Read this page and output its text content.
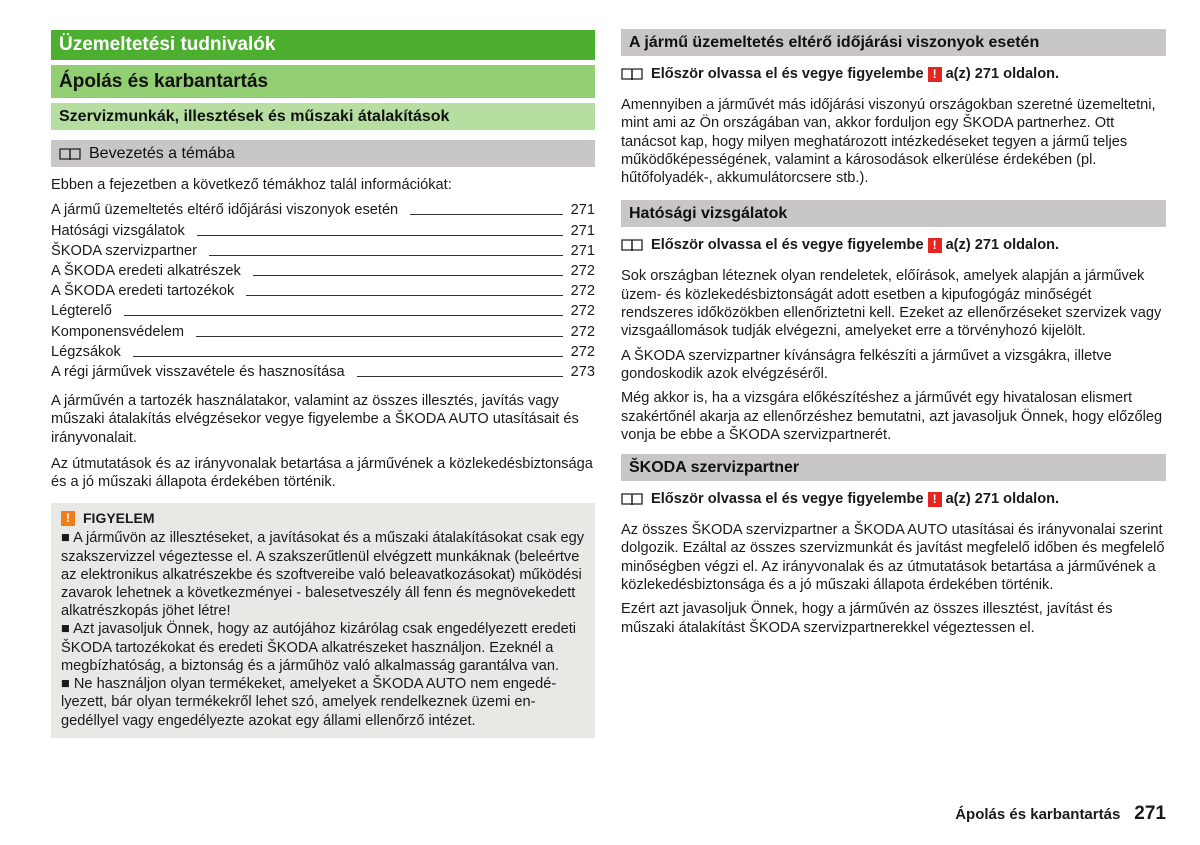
Üzemeltetési tudnivalók
Ápolás és karbantartás
Szervizmunkák, illesztések és műszaki átalakítások
Bevezetés a témába

Ebben a fejezetben a következő témákhoz talál információkat:

A jármű üzemeltetés eltérő időjárási viszonyok esetén	271
Hatósági vizsgálatok	271
ŠKODA szervizpartner	271
A ŠKODA eredeti alkatrészek	272
A ŠKODA eredeti tartozékok	272
Légterelő	272
Komponensvédelem	272
Légzsákok	272
A régi járművek visszavétele és hasznosítása	273

A járművén a tartozék használatakor, valamint az összes illesztés, javítás vagy műszaki átalakítás elvégzésekor vegye figyelembe a ŠKODA AUTO utasításait és irányvonalait.

Az útmutatások és az irányvonalak betartása a járművének a közlekedésbiztonsága és a jó műszaki állapota érdekében történik.

! FIGYELEM
■ A járművön az illesztéseket, a javításokat és a műszaki átalakításokat csak egy szakszervizzel végeztesse el. A szakszerűtlenül elvégzett munkáknak (beleértve az elektronikus alkatrészekbe és szoftvereibe való beleavatkozásokat) működési zavarok lehetnek a következményei - balesetveszély áll fenn és megnövekedett alkatrészkopás jöhet létre!
■ Azt javasoljuk Önnek, hogy az autójához kizárólag csak engedélyezett eredeti ŠKODA tartozékokat és eredeti ŠKODA alkatrészeket használjon. Ezeknél a megbízhatóság, a biztonság és a járműhöz való alkalmasság garantálva van.
■ Ne használjon olyan termékeket, amelyeket a ŠKODA AUTO nem engedélyezett, bár olyan termékekről lehet szó, amelyek rendelkeznek üzemi engedéllyel vagy engedélyezte azokat egy állami ellenőrző intézet.
A jármű üzemeltetés eltérő időjárási viszonyok esetén
Először olvassa el és vegye figyelembe ! a(z) 271 oldalon.

Amennyiben a járművét más időjárási viszonyú országokban szeretné üzemeltetni, mint ami az Ön országában van, akkor forduljon egy ŠKODA partnerhez. Ott tanácsot kap, hogy milyen meghatározott intézkedéseket tegyen a jármű teljes működőképességének, valamint a károsodások elkerülése érdekében (pl. hűtőfolyadék-, akkumulátorcsere stb.).

Hatósági vizsgálatok
Először olvassa el és vegye figyelembe ! a(z) 271 oldalon.

Sok országban léteznek olyan rendeletek, előírások, amelyek alapján a járművek üzem- és közlekedésbiztonságát adott esetben a kipufogógáz minőségét rendszeres időközökben ellenőriztetni kell. Ezeket az ellenőrzéseket szervizek vagy vizsgaállomások tudják elvégezni, amelyeket erre a törvényhozó kijelölt.

A ŠKODA szervizpartner kívánságra felkészíti a járművet a vizsgákra, illetve gondoskodik azok elvégzéséről.

Még akkor is, ha a vizsgára előkészítéshez a járművét egy hivatalosan elismert szakértőnél akarja az ellenőrzéshez bemutatni, azt javasoljuk Önnek, hogy előzőleg vonja be ebbe a ŠKODA szervizpartnerét.

ŠKODA szervizpartner
Először olvassa el és vegye figyelembe ! a(z) 271 oldalon.

Az összes ŠKODA szervizpartner a ŠKODA AUTO utasításai és irányvonalai szerint dolgozik. Ezáltal az összes szervizmunkát és javítást megfelelő időben és megfelelő minőségben végzi el. Az irányvonalak és az útmutatások betartása a járművének a közlekedésbiztonsága és a jó műszaki állapota érdekében történik.

Ezért azt javasoljuk Önnek, hogy a járművén az összes illesztést, javítást és műszaki átalakítást ŠKODA szervizpartnerekkel végeztessen el.

Ápolás és karbantartás 271
